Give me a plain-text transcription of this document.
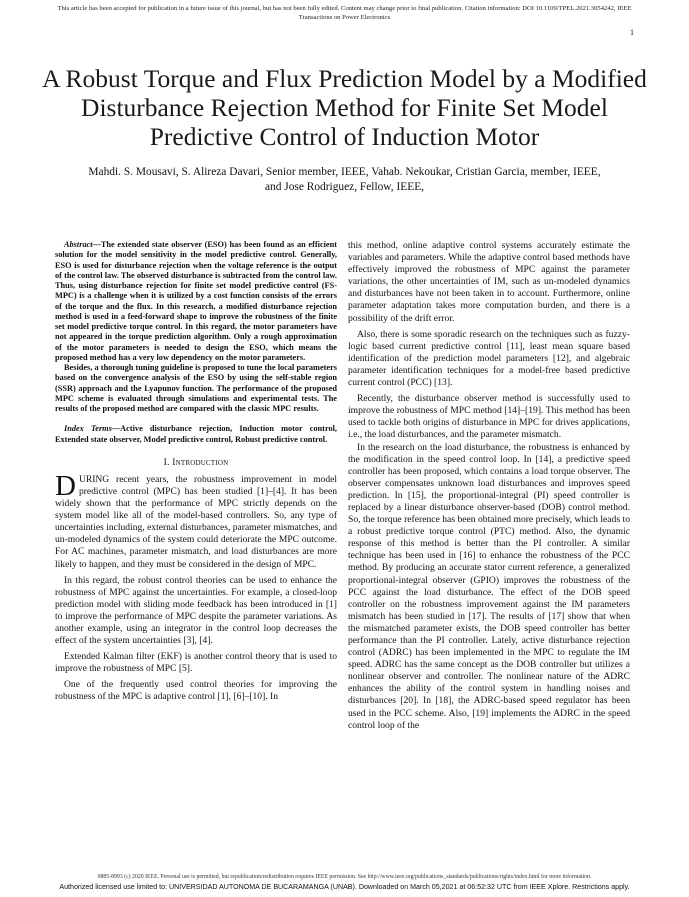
This article has been accepted for publication in a future issue of this journal, but has not been fully edited. Content may change prior to final publication. Citation information: DOI 10.1109/TPEL.2021.3054242, IEEE
Transactions on Power Electronics
1
A Robust Torque and Flux Prediction Model by a Modified Disturbance Rejection Method for Finite Set Model Predictive Control of Induction Motor
Mahdi. S. Mousavi, S. Alireza Davari, Senior member, IEEE, Vahab. Nekoukar, Cristian Garcia, member, IEEE,
and Jose Rodriguez, Fellow, IEEE,

Abstract—The extended state observer (ESO) has been found as an efficient solution for the model sensitivity in the model predictive control. Generally, ESO is used for disturbance rejection when the voltage reference is the output of the control law. The observed disturbance is subtracted from the control law. Thus, using disturbance rejection for finite set model predictive control (FS-MPC) is a challenge when it is utilized by a cost function consists of the errors of the torque and the flux. In this research, a modified disturbance rejection method is used in a feed-forward shape to improve the robustness of the finite set model predictive torque control. In this regard, the motor parameters have not appeared in the torque prediction algorithm. Only a rough approximation of the motor parameters is needed to design the ESO, which means the proposed method has a very low dependency on the motor parameters.

Besides, a thorough tuning guideline is proposed to tune the local parameters based on the convergence analysis of the ESO by using the self-stable region (SSR) approach and the Lyapunov function. The performance of the proposed MPC scheme is evaluated through simulations and experimental tests. The results of the proposed method are compared with the classic MPC results.

Index Terms—Active disturbance rejection, Induction motor control, Extended state observer, Model predictive control, Robust predictive control.

I. Introduction

DURING recent years, the robustness improvement in model predictive control (MPC) has been studied [1]–[4]. It has been widely shown that the performance of MPC strictly depends on the system model like all of the model-based controllers. So, any type of uncertainties including, external disturbances, parameter mismatches, and un-modeled dynamics of the system could deteriorate the MPC outcome. For AC machines, parameter mismatch, and load disturbances are more likely to happen, and they must be considered in the design of MPC.

In this regard, the robust control theories can be used to enhance the robustness of MPC against the uncertainties. For example, a closed-loop prediction model with sliding mode feedback has been introduced in [1] to improve the performance of MPC despite the parameter variations. As another example, using an integrator in the control loop decreases the effect of the system uncertainties [3], [4].

Extended Kalman filter (EKF) is another control theory that is used to improve the robustness of MPC [5].

One of the frequently used control theories for improving the robustness of the MPC is adaptive control [1], [6]–[10]. In

this method, online adaptive control systems accurately estimate the variables and parameters. While the adaptive control based methods have effectively improved the robustness of MPC against the parameter variations, the other uncertainties of IM, such as un-modeled dynamics and disturbances have not been taken in to account. Furthermore, online parameter adaptation takes more computation burden, and there is a possibility of the drift error.

Also, there is some sporadic research on the techniques such as fuzzy-logic based current predictive control [11], least mean square based identification of the prediction model parameters [12], and algebraic parameter identification techniques for a model-free based predictive current control (PCC) [13].

Recently, the disturbance observer method is successfully used to improve the robustness of MPC method [14]–[19]. This method has been used to tackle both origins of disturbance in MPC for drives applications, i.e., the load disturbances, and the parameter mismatch.

In the research on the load disturbance, the robustness is enhanced by the modification in the speed control loop. In [14], a predictive speed controller has been proposed, which contains a load torque observer. The observer compensates unknown load disturbances and improves speed prediction. In [15], the proportional-integral (PI) speed controller is replaced by a linear disturbance observer-based (DOB) control method. So, the torque reference has been obtained more precisely, which leads to a robust predictive torque control (PTC) method. Also, the dynamic response of this method is better than the PI controller. A similar technique has been used in [16] to enhance the robustness of the PCC method. By producing an accurate stator current reference, a generalized proportional-integral observer (GPIO) improves the robustness of the PCC against the load disturbance. The effect of the DOB speed controller on the robustness improvement against the IM parameters mismatch has been studied in [17]. The results of [17] show that when the mismatched parameter exists, the DOB speed controller has better performance than the PI controller. Lately, active disturbance rejection control (ADRC) has been implemented in the MPC to regulate the IM speed. ADRC has the same concept as the DOB controller but utilizes a nonlinear observer and controller. The nonlinear nature of the ADRC enhances the ability of the control system in handling noises and disturbances [20]. In [18], the ADRC-based speed regulator has been used in the PCC scheme. Also, [19] implements the ADRC in the speed control loop of the

0885-8993 (c) 2020 IEEE. Personal use is permitted, but republication/redistribution requires IEEE permission. See http://www.ieee.org/publications_standards/publications/rights/index.html for more information.
Authorized licensed use limited to: UNIVERSIDAD AUTONOMA DE BUCARAMANGA (UNAB). Downloaded on March 05,2021 at 06:52:32 UTC from IEEE Xplore. Restrictions apply.
